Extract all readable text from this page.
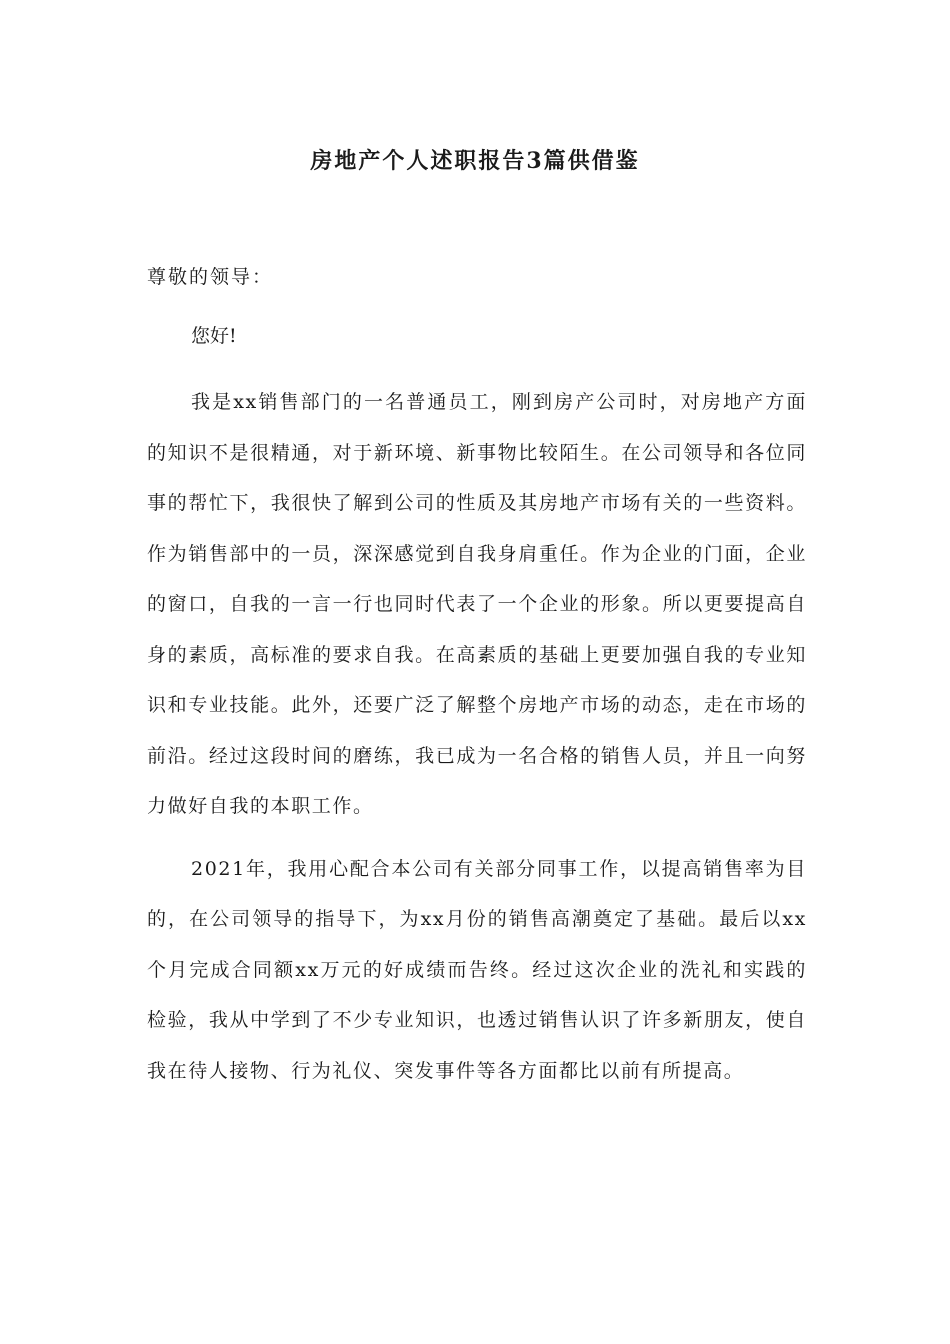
房地产个人述职报告3篇供借鉴

尊敬的领导：

您好!

我是xx销售部门的一名普通员工，刚到房产公司时，对房地产方面的知识不是很精通，对于新环境、新事物比较陌生。在公司领导和各位同事的帮忙下，我很快了解到公司的性质及其房地产市场有关的一些资料。作为销售部中的一员，深深感觉到自我身肩重任。作为企业的门面，企业的窗口，自我的一言一行也同时代表了一个企业的形象。所以更要提高自身的素质，高标准的要求自我。在高素质的基础上更要加强自我的专业知识和专业技能。此外，还要广泛了解整个房地产市场的动态，走在市场的前沿。经过这段时间的磨练，我已成为一名合格的销售人员，并且一向努力做好自我的本职工作。

2021年，我用心配合本公司有关部分同事工作，以提高销售率为目的，在公司领导的指导下，为xx月份的销售高潮奠定了基础。最后以xx个月完成合同额xx万元的好成绩而告终。经过这次企业的洗礼和实践的检验，我从中学到了不少专业知识，也透过销售认识了许多新朋友，使自我在待人接物、行为礼仪、突发事件等各方面都比以前有所提高。
